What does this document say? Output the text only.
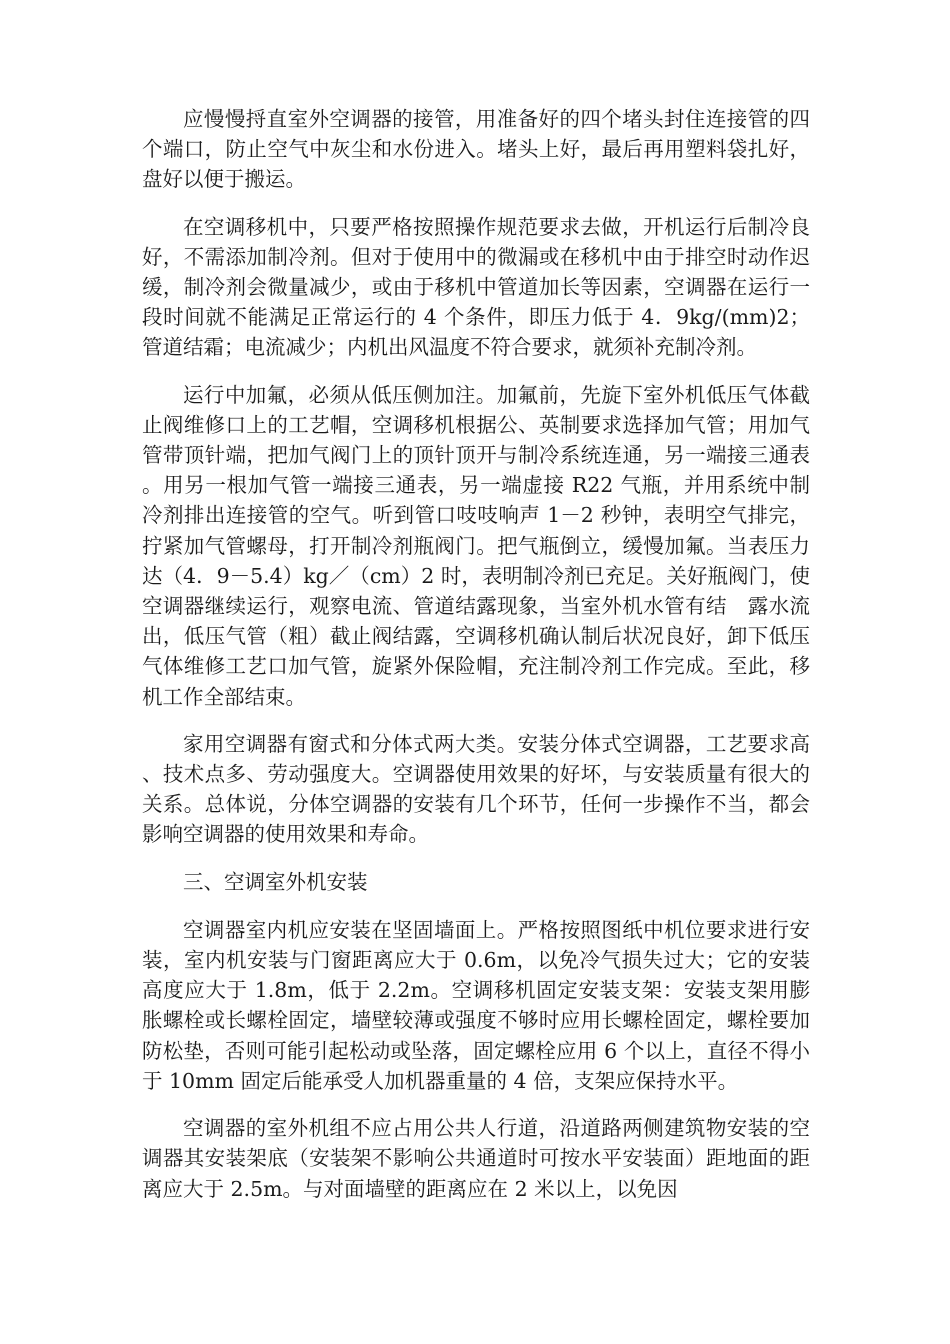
应慢慢捋直室外空调器的接管，用准备好的四个堵头封住连接管的四个端口，防止空气中灰尘和水份进入。堵头上好，最后再用塑料袋扎好，盘好以便于搬运。

在空调移机中，只要严格按照操作规范要求去做，开机运行后制冷良好，不需添加制冷剂。但对于使用中的微漏或在移机中由于排空时动作迟缓，制冷剂会微量减少，或由于移机中管道加长等因素，空调器在运行一段时间就不能满足正常运行的 4 个条件，即压力低于 4．9kg/(mm)2；管道结霜；电流减少；内机出风温度不符合要求，就须补充制冷剂。

运行中加氟，必须从低压侧加注。加氟前，先旋下室外机低压气体截止阀维修口上的工艺帽，空调移机根据公、英制要求选择加气管；用加气管带顶针端，把加气阀门上的顶针顶开与制冷系统连通，另一端接三通表。用另一根加气管一端接三通表，另一端虚接 R22 气瓶，并用系统中制冷剂排出连接管的空气。听到管口吱吱响声 1－2 秒钟，表明空气排完，拧紧加气管螺母，打开制冷剂瓶阀门。把气瓶倒立，缓慢加氟。当表压力达（4．9－5.4）kg／（cm）2 时，表明制冷剂已充足。关好瓶阀门，使空调器继续运行，观察电流、管道结露现象，当室外机水管有结　露水流出，低压气管（粗）截止阀结露，空调移机确认制后状况良好，卸下低压气体维修工艺口加气管，旋紧外保险帽，充注制冷剂工作完成。至此，移机工作全部结束。

家用空调器有窗式和分体式两大类。安装分体式空调器，工艺要求高、技术点多、劳动强度大。空调器使用效果的好坏，与安装质量有很大的关系。总体说，分体空调器的安装有几个环节，任何一步操作不当，都会影响空调器的使用效果和寿命。

三、空调室外机安装

空调器室内机应安装在坚固墙面上。严格按照图纸中机位要求进行安装，室内机安装与门窗距离应大于 0.6m，以免冷气损失过大；它的安装高度应大于 1.8m，低于 2.2m。空调移机固定安装支架：安装支架用膨胀螺栓或长螺栓固定，墙壁较薄或强度不够时应用长螺栓固定，螺栓要加防松垫，否则可能引起松动或坠落，固定螺栓应用 6 个以上，直径不得小于 10mm 固定后能承受人加机器重量的 4 倍，支架应保持水平。

空调器的室外机组不应占用公共人行道，沿道路两侧建筑物安装的空调器其安装架底（安装架不影响公共通道时可按水平安装面）距地面的距离应大于 2.5m。与对面墙壁的距离应在 2 米以上，以免因
